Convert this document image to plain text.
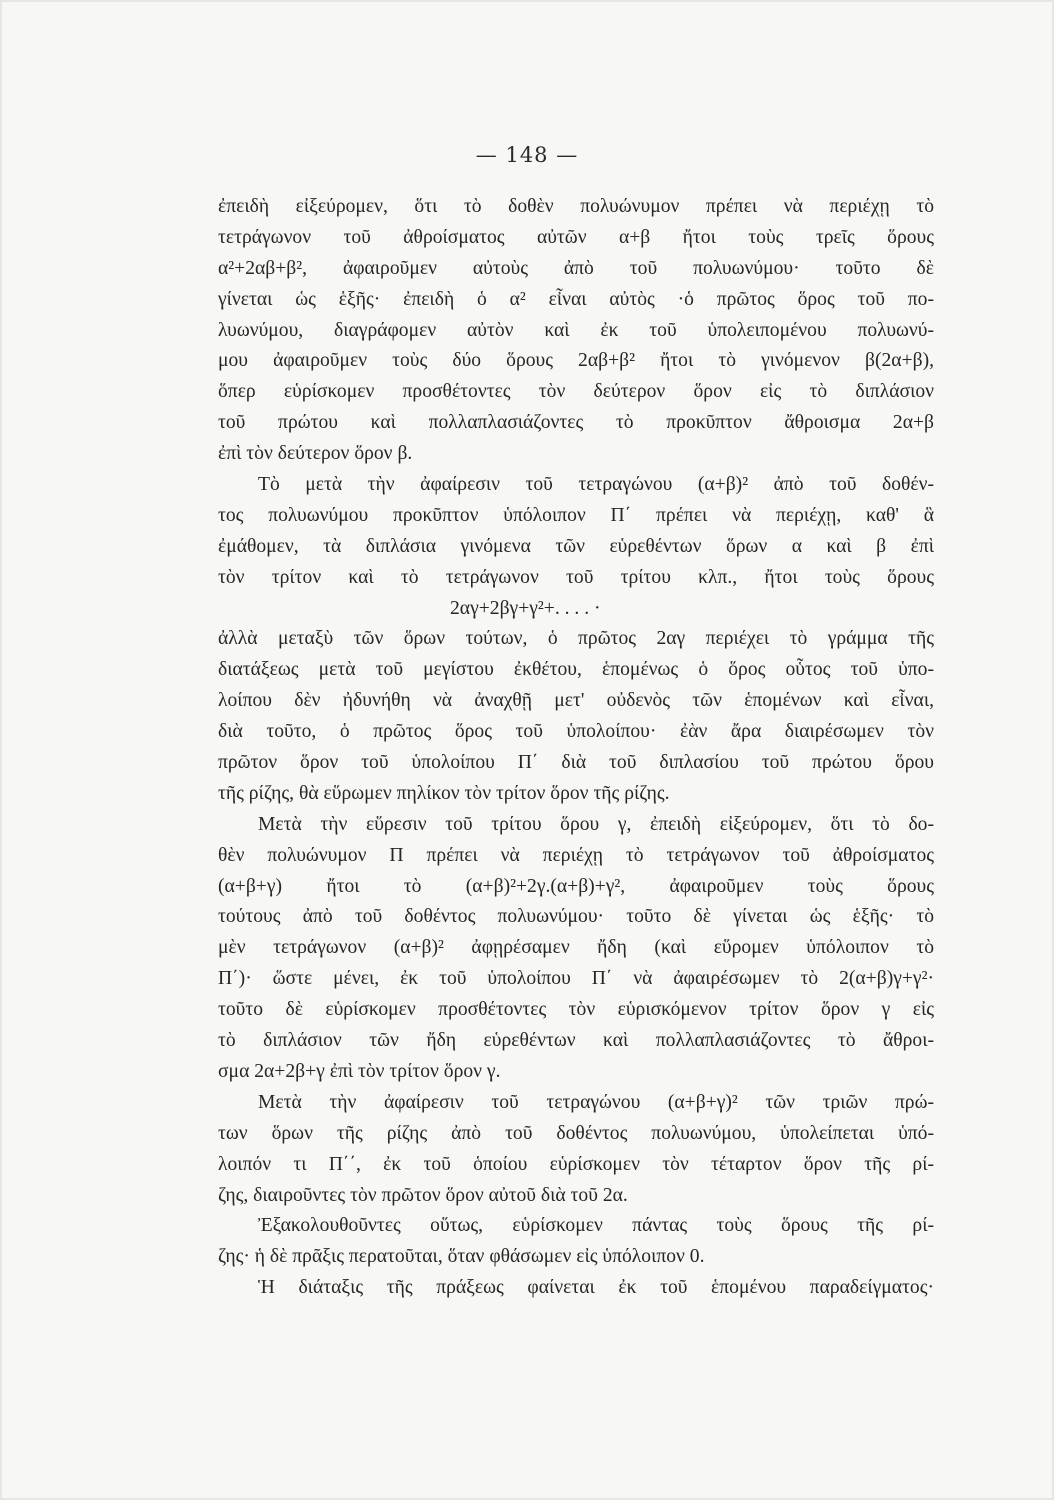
— 148 —
ἐπειδὴ εἰξεύρομεν, ὅτι τὸ δοθὲν πολυώνυμον πρέπει νὰ περιέχῃ τὸ
τετράγωνον τοῦ ἀθροίσματος αὐτῶν α+β ἤτοι τοὺς τρεῖς ὅρους
α²+2αβ+β², ἀφαιροῦμεν αὐτοὺς ἀπὸ τοῦ πολυωνύμου· τοῦτο δὲ
γίνεται ὡς ἑξῆς· ἐπειδὴ ὁ α² εἶναι αὐτὸς ·ὁ πρῶτος ὅρος τοῦ πο-
λυωνύμου, διαγράφομεν αὐτὸν καὶ ἐκ τοῦ ὑπολειπομένου πολυωνύ-
μου ἀφαιροῦμεν τοὺς δύο ὅρους 2αβ+β² ἤτοι τὸ γινόμενον β(2α+β),
ὅπερ εὑρίσκομεν προσθέτοντες τὸν δεύτερον ὅρον εἰς τὸ διπλάσιον
τοῦ πρώτου καὶ πολλαπλασιάζοντες τὸ προκῦπτον ἄθροισμα 2α+β
ἐπὶ τὸν δεύτερον ὅρον β.
Τὸ μετὰ τὴν ἀφαίρεσιν τοῦ τετραγώνου (α+β)² ἀπὸ τοῦ δοθέν-
τος πολυωνύμου προκῦπτον ὑπόλοιπον Π΄ πρέπει νὰ περιέχῃ, καθ' ἃ
ἐμάθομεν, τὰ διπλάσια γινόμενα τῶν εὑρεθέντων ὅρων α καὶ β ἐπὶ
τὸν τρίτον καὶ τὸ τετράγωνον τοῦ τρίτου κλπ., ἤτοι τοὺς ὅρους
2αγ+2βγ+γ²+. . . . ·
ἀλλὰ μεταξὺ τῶν ὅρων τούτων, ὁ πρῶτος 2αγ περιέχει τὸ γράμμα τῆς
διατάξεως μετὰ τοῦ μεγίστου ἐκθέτου, ἑπομένως ὁ ὅρος οὗτος τοῦ ὑπο-
λοίπου δὲν ἠδυνήθη νὰ ἀναχθῇ μετ' οὐδενὸς τῶν ἑπομένων καὶ εἶναι,
διὰ τοῦτο, ὁ πρῶτος ὅρος τοῦ ὑπολοίπου· ἐὰν ἄρα διαιρέσωμεν τὸν
πρῶτον ὅρον τοῦ ὑπολοίπου Π΄ διὰ τοῦ διπλασίου τοῦ πρώτου ὅρου
τῆς ρίζης, θὰ εὕρωμεν πηλίκον τὸν τρίτον ὅρον τῆς ρίζης.
Μετὰ τὴν εὕρεσιν τοῦ τρίτου ὅρου γ, ἐπειδὴ εἰξεύρομεν, ὅτι τὸ δο-
θὲν πολυώνυμον Π πρέπει νὰ περιέχῃ τὸ τετράγωνον τοῦ ἀθροίσματος
(α+β+γ) ἤτοι τὸ (α+β)²+2γ.(α+β)+γ², ἀφαιροῦμεν τοὺς ὅρους
τούτους ἀπὸ τοῦ δοθέντος πολυωνύμου· τοῦτο δὲ γίνεται ὡς ἑξῆς· τὸ
μὲν τετράγωνον (α+β)² ἀφῃρέσαμεν ἤδη (καὶ εὕρομεν ὑπόλοιπον τὸ
Π΄)· ὥστε μένει, ἐκ τοῦ ὑπολοίπου Π΄ νὰ ἀφαιρέσωμεν τὸ 2(α+β)γ+γ²·
τοῦτο δὲ εὑρίσκομεν προσθέτοντες τὸν εὑρισκόμενον τρίτον ὅρον γ εἰς
τὸ διπλάσιον τῶν ἤδη εὑρεθέντων καὶ πολλαπλασιάζοντες τὸ ἄθροι-
σμα 2α+2β+γ ἐπὶ τὸν τρίτον ὅρον γ.
Μετὰ τὴν ἀφαίρεσιν τοῦ τετραγώνου (α+β+γ)² τῶν τριῶν πρώ-
των ὅρων τῆς ρίζης ἀπὸ τοῦ δοθέντος πολυωνύμου, ὑπολείπεται ὑπό-
λοιπόν τι Π΄΄, ἐκ τοῦ ὁποίου εὑρίσκομεν τὸν τέταρτον ὅρον τῆς ρί-
ζης, διαιροῦντες τὸν πρῶτον ὅρον αὐτοῦ διὰ τοῦ 2α.
Ἐξακολουθοῦντες οὕτως, εὑρίσκομεν πάντας τοὺς ὅρους τῆς ρί-
ζης· ἡ δὲ πρᾶξις περατοῦται, ὅταν φθάσωμεν εἰς ὑπόλοιπον 0.
Ἡ διάταξις τῆς πράξεως φαίνεται ἐκ τοῦ ἑπομένου παραδείγματος·
